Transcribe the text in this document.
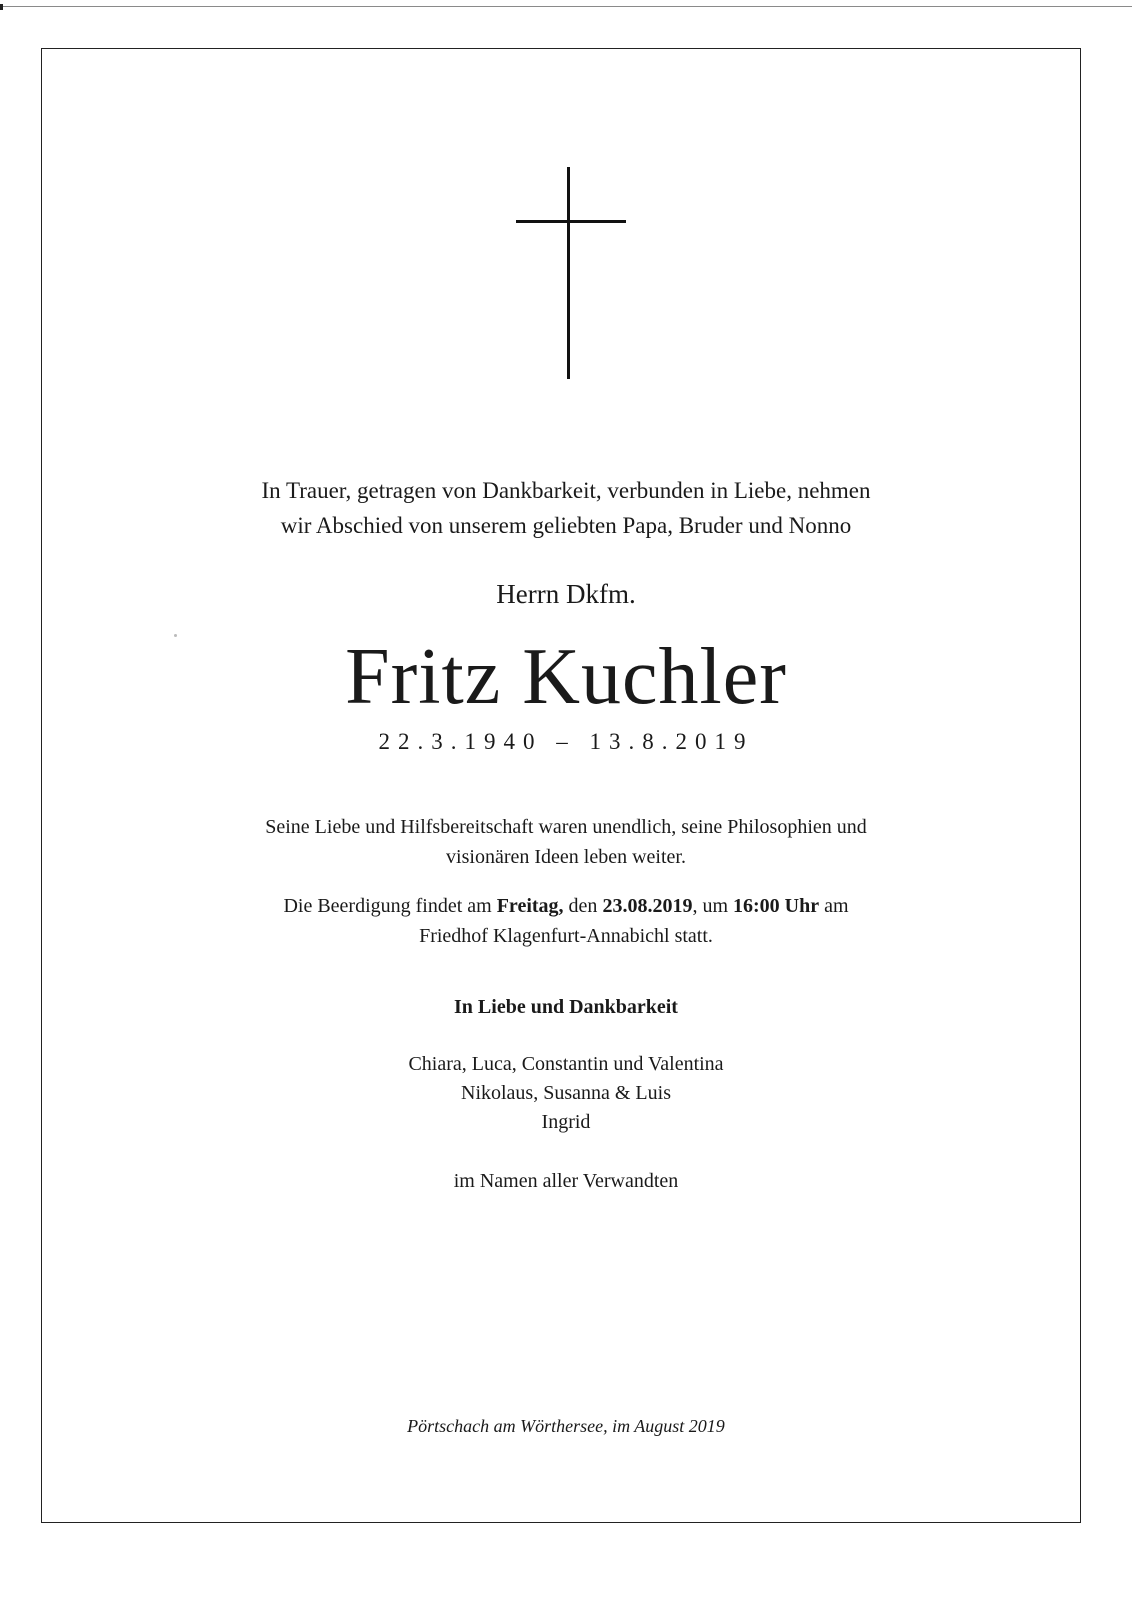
In Trauer, getragen von Dankbarkeit, verbunden in Liebe, nehmen
wir Abschied von unserem geliebten Papa, Bruder und Nonno
Herrn Dkfm.
Fritz Kuchler
22.3.1940 – 13.8.2019
Seine Liebe und Hilfsbereitschaft waren unendlich, seine Philosophien und
visionären Ideen leben weiter.
Die Beerdigung findet am Freitag, den 23.08.2019, um 16:00 Uhr am
Friedhof Klagenfurt-Annabichl statt.
In Liebe und Dankbarkeit
Chiara, Luca, Constantin und Valentina
Nikolaus, Susanna & Luis
Ingrid
im Namen aller Verwandten
Pörtschach am Wörthersee, im August 2019
